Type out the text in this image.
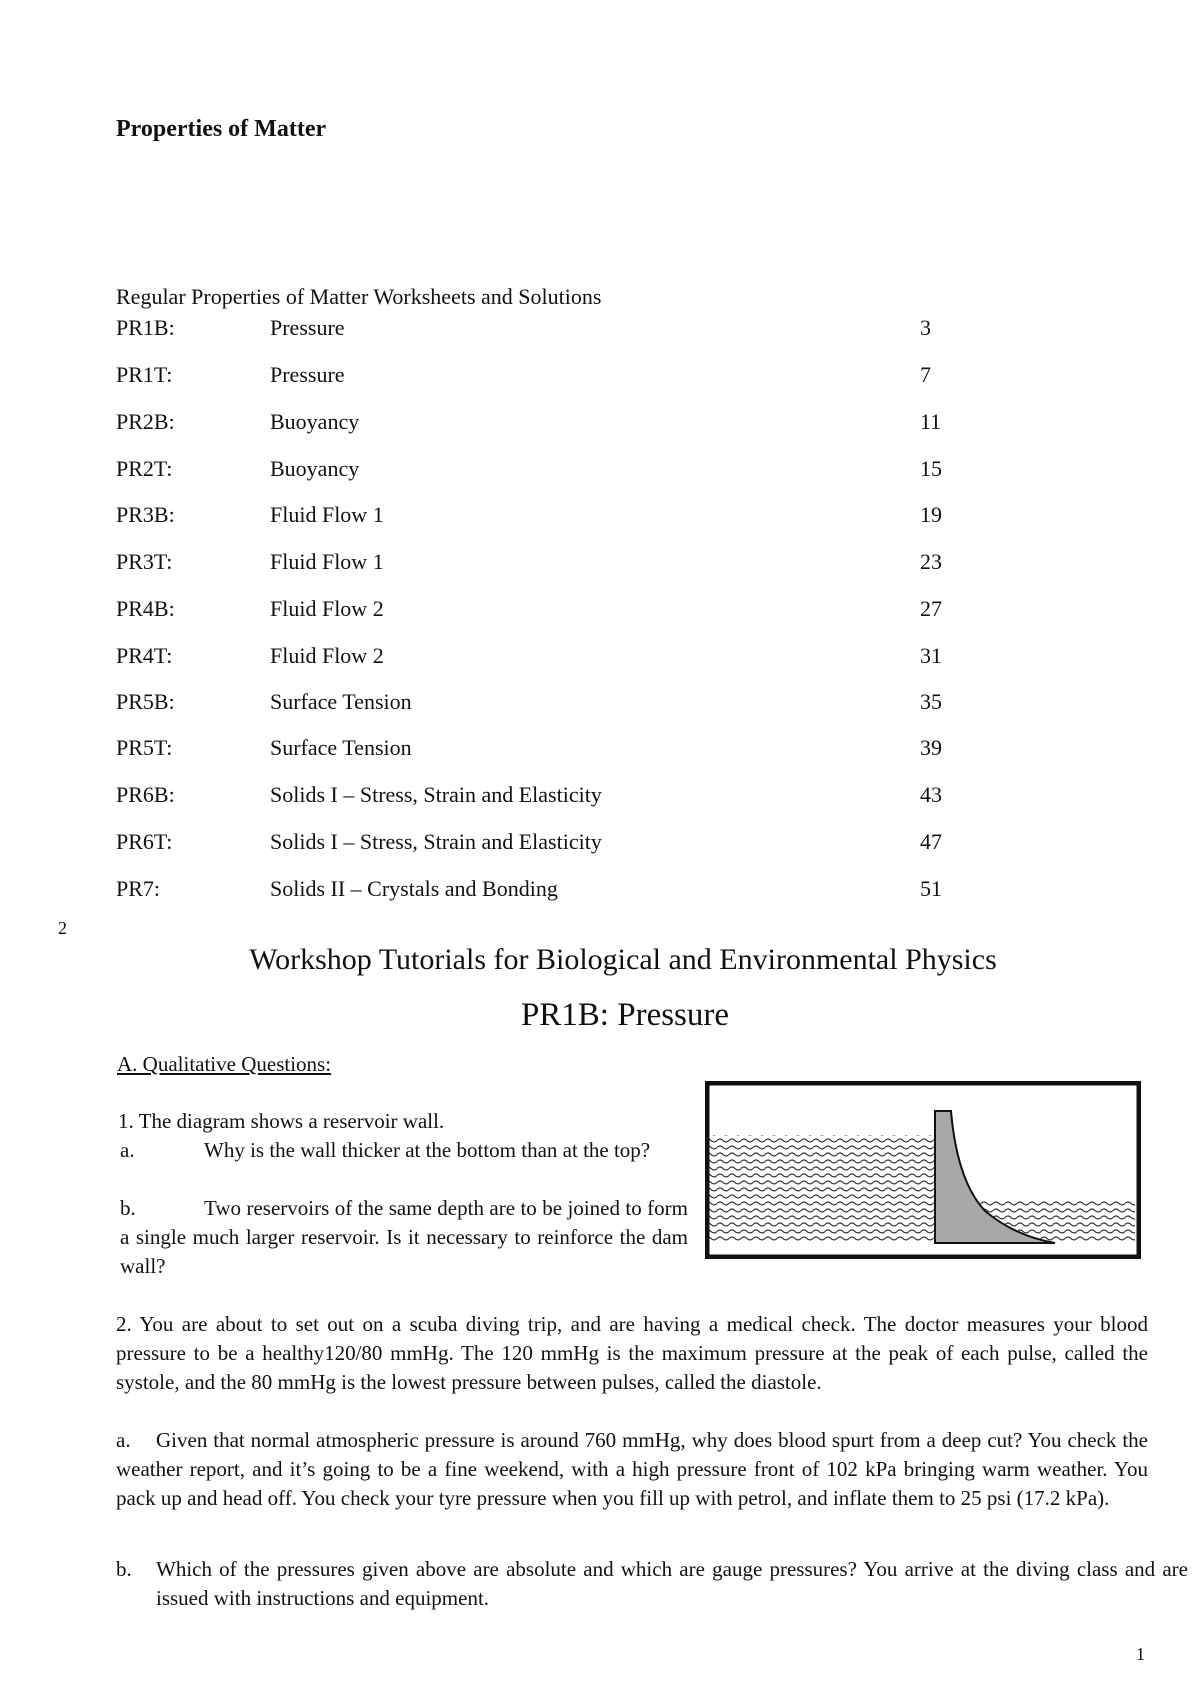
Properties of Matter
Regular Properties of Matter Worksheets and Solutions
PR1B:	Pressure	3
PR1T:	Pressure	7
PR2B:	Buoyancy	11
PR2T:	Buoyancy	15
PR3B:	Fluid Flow 1	19
PR3T:	Fluid Flow 1	23
PR4B:	Fluid Flow 2	27
PR4T:	Fluid Flow 2	31
PR5B:	Surface Tension	35
PR5T:	Surface Tension	39
PR6B:	Solids I – Stress, Strain and Elasticity	43
PR6T:	Solids I – Stress, Strain and Elasticity	47
PR7:	Solids II – Crystals and Bonding	51
2
Workshop Tutorials for Biological and Environmental Physics
PR1B: Pressure
A. Qualitative Questions:
1. The diagram shows a reservoir wall.
a.	Why is the wall thicker at the bottom than at the top?
b.	Two reservoirs of the same depth are to be joined to form a single much larger reservoir. Is it necessary to reinforce the dam wall?
2. You are about to set out on a scuba diving trip, and are having a medical check. The doctor measures your blood pressure to be a healthy120/80 mmHg. The 120 mmHg is the maximum pressure at the peak of each pulse, called the systole, and the 80 mmHg is the lowest pressure between pulses, called the diastole.
a. Given that normal atmospheric pressure is around 760 mmHg, why does blood spurt from a deep cut? You check the weather report, and it’s going to be a fine weekend, with a high pressure front of 102 kPa bringing warm weather. You pack up and head off. You check your tyre pressure when you fill up with petrol, and inflate them to 25 psi (17.2 kPa).
b. Which of the pressures given above are absolute and which are gauge pressures? You arrive at the diving class and are issued with instructions and equipment.
1
